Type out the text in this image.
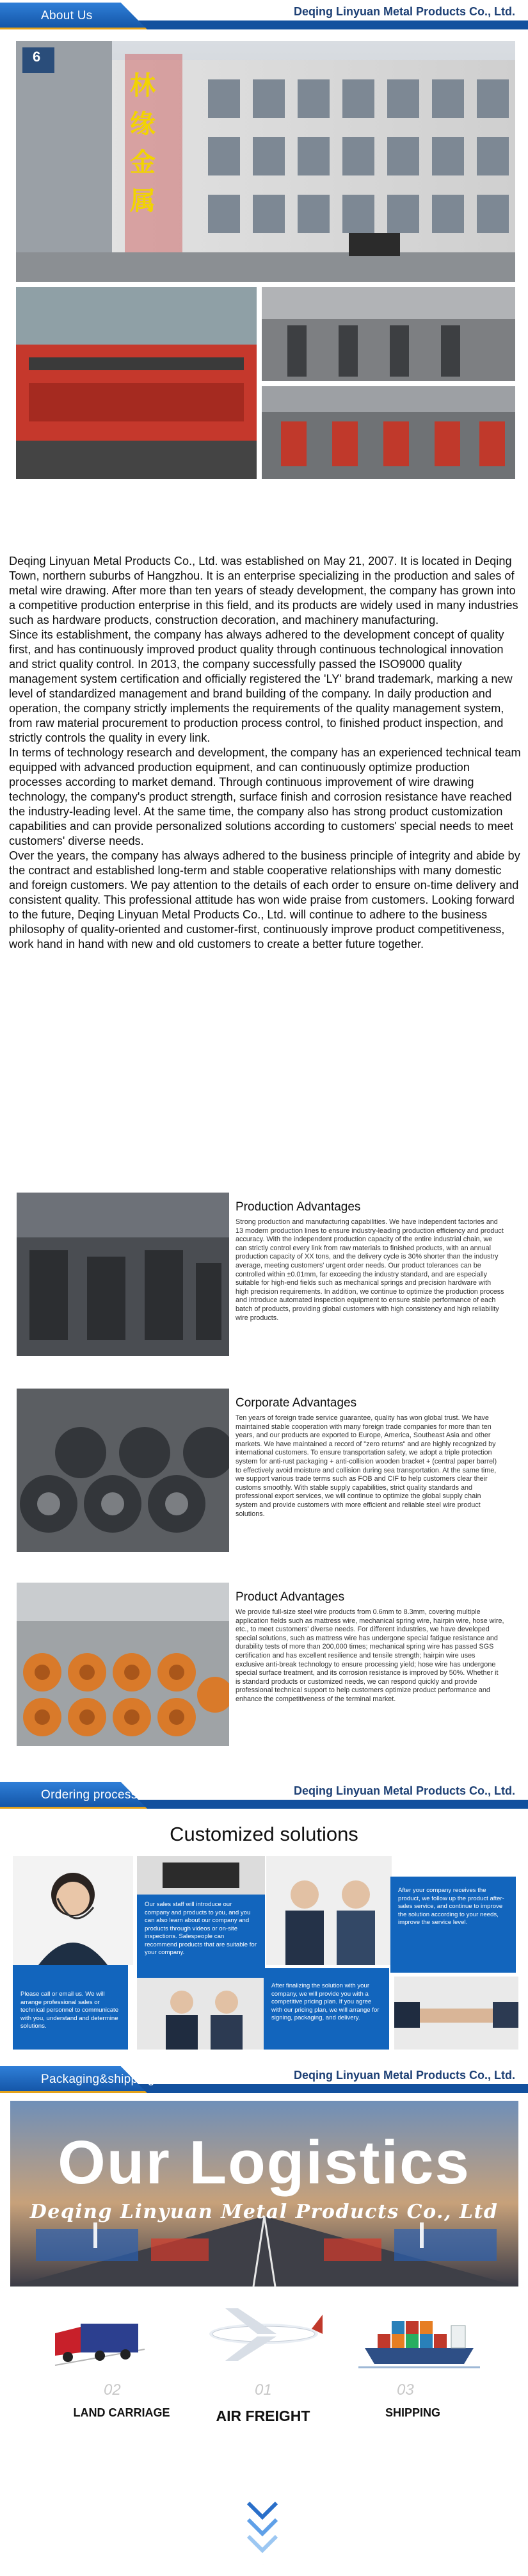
About Us	Deqing Linyuan Metal Products Co., Ltd.
6
林缘金属

Deqing Linyuan Metal Products Co., Ltd. was established on May 21, 2007. It is located in Deqing Town, northern suburbs of Hangzhou. It is an enterprise specializing in the production and sales of metal wire drawing. After more than ten years of steady development, the company has grown into a competitive production enterprise in this field, and its products are widely used in many industries such as hardware products, construction decoration, and machinery manufacturing.

Since its establishment, the company has always adhered to the development concept of quality first, and has continuously improved product quality through continuous technological innovation and strict quality control. In 2013, the company successfully passed the ISO9000 quality management system certification and officially registered the 'LY' brand trademark, marking a new level of standardized management and brand building of the company. In daily production and operation, the company strictly implements the requirements of the quality management system, from raw material procurement to production process control, to finished product inspection, and strictly controls the quality in every link.

In terms of technology research and development, the company has an experienced technical team equipped with advanced production equipment, and can continuously optimize production processes according to market demand. Through continuous improvement of wire drawing technology, the company's product strength, surface finish and corrosion resistance have reached the industry-leading level. At the same time, the company also has strong product customization capabilities and can provide personalized solutions according to customers' special needs to meet customers' diverse needs.

Over the years, the company has always adhered to the business principle of integrity and abide by the contract and established long-term and stable cooperative relationships with many domestic and foreign customers. We pay attention to the details of each order to ensure on-time delivery and consistent quality. This professional attitude has won wide praise from customers. Looking forward to the future, Deqing Linyuan Metal Products Co., Ltd. will continue to adhere to the business philosophy of quality-oriented and customer-first, continuously improve product competitiveness, work hand in hand with new and old customers to create a better future together.

Production Advantages
Strong production and manufacturing capabilities. We have independent factories and 13 modern production lines to ensure industry-leading production efficiency and product accuracy. With the independent production capacity of the entire industrial chain, we can strictly control every link from raw materials to finished products, with an annual production capacity of XX tons, and the delivery cycle is 30% shorter than the industry average, meeting customers' urgent order needs. Our product tolerances can be controlled within ±0.01mm, far exceeding the industry standard, and are especially suitable for high-end fields such as mechanical springs and precision hardware with high precision requirements. In addition, we continue to optimize the production process and introduce automated inspection equipment to ensure stable performance of each batch of products, providing global customers with high consistency and high reliability wire products.
Corporate Advantages
Ten years of foreign trade service guarantee, quality has won global trust. We have maintained stable cooperation with many foreign trade companies for more than ten years, and our products are exported to Europe, America, Southeast Asia and other markets. We have maintained a record of "zero returns" and are highly recognized by international customers. To ensure transportation safety, we adopt a triple protection system for anti-rust packaging + anti-collision wooden bracket + (central paper barrel) to effectively avoid moisture and collision during sea transportation. At the same time, we support various trade terms such as FOB and CIF to help customers clear their customs smoothly. With stable supply capabilities, strict quality standards and professional export services, we will continue to optimize the global supply chain system and provide customers with more efficient and reliable steel wire product solutions.
Product Advantages
We provide full-size steel wire products from 0.6mm to 8.3mm, covering multiple application fields such as mattress wire, mechanical spring wire, hairpin wire, hose wire, etc., to meet customers' diverse needs. For different industries, we have developed special solutions, such as mattress wire has undergone special fatigue resistance and durability tests of more than 200,000 times; mechanical spring wire has passed SGS certification and has excellent resilience and tensile strength; hairpin wire uses exclusive anti-break technology to ensure processing yield; hose wire has undergone special surface treatment, and its corrosion resistance is improved by 50%. Whether it is standard products or customized needs, we can respond quickly and provide professional technical support to help customers optimize product performance and enhance the competitiveness of the terminal market.
Ordering process	Deqing Linyuan Metal Products Co., Ltd.
Customized solutions
Please call or email us. We will arrange professional sales or technical personnel to communicate with you, understand and determine solutions.
Our sales staff will introduce our company and products to you, and you can also learn about our company and products through videos or on-site inspections. Salespeople can recommend products that are suitable for your company.
After finalizing the solution with your company, we will provide you with a competitive pricing plan. If you agree with our pricing plan, we will arrange for signing, packaging, and delivery.
After your company receives the product, we follow up the product after-sales service, and continue to improve the solution according to your needs, improve the service level.
Packaging&shipping	Deqing Linyuan Metal Products Co., Ltd.
Our Logistics
Deqing Linyuan Metal Products Co., Ltd
02
LAND CARRIAGE
01
AIR FREIGHT
03
SHIPPING
